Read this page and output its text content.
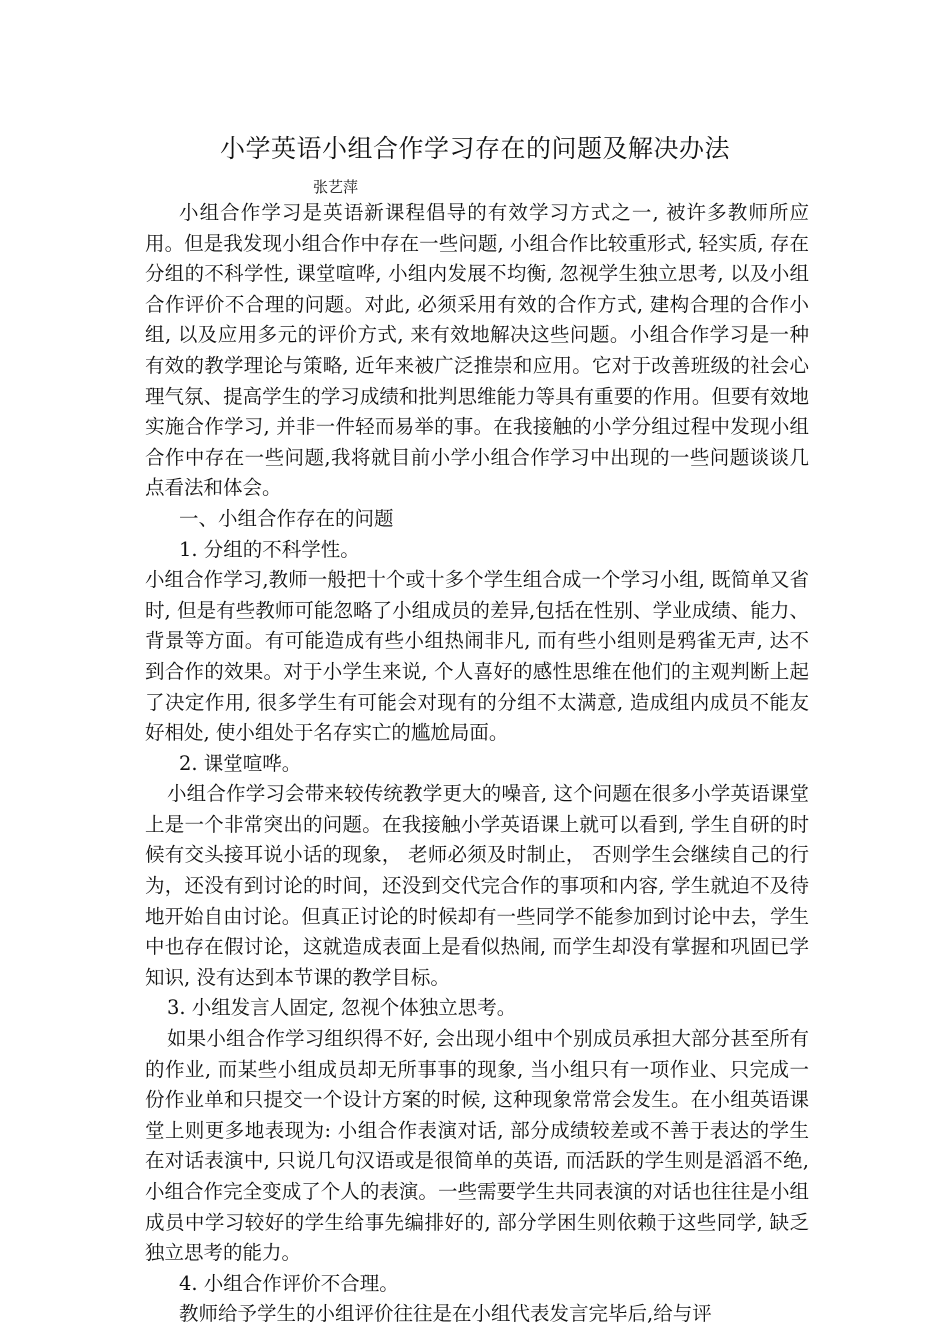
小学英语小组合作学习存在的问题及解决办法
张艺萍

小组合作学习是英语新课程倡导的有效学习方式之一, 被许多教师所应用。但是我发现小组合作中存在一些问题, 小组合作比较重形式, 轻实质, 存在分组的不科学性, 课堂喧哗, 小组内发展不均衡, 忽视学生独立思考, 以及小组合作评价不合理的问题。对此, 必须采用有效的合作方式, 建构合理的合作小组, 以及应用多元的评价方式, 来有效地解决这些问题。小组合作学习是一种有效的教学理论与策略, 近年来被广泛推崇和应用。它对于改善班级的社会心理气氛、提高学生的学习成绩和批判思维能力等具有重要的作用。但要有效地实施合作学习, 并非一件轻而易举的事。在我接触的小学分组过程中发现小组合作中存在一些问题,我将就目前小学小组合作学习中出现的一些问题谈谈几点看法和体会。

一、小组合作存在的问题

1. 分组的不科学性。

小组合作学习,教师一般把十个或十多个学生组合成一个学习小组, 既简单又省时, 但是有些教师可能忽略了小组成员的差异,包括在性别、学业成绩、能力、背景等方面。有可能造成有些小组热闹非凡, 而有些小组则是鸦雀无声, 达不到合作的效果。对于小学生来说, 个人喜好的感性思维在他们的主观判断上起了决定作用, 很多学生有可能会对现有的分组不太满意, 造成组内成员不能友好相处, 使小组处于名存实亡的尴尬局面。

2. 课堂喧哗。

小组合作学习会带来较传统教学更大的噪音, 这个问题在很多小学英语课堂上是一个非常突出的问题。在我接触小学英语课上就可以看到, 学生自研的时候有交头接耳说小话的现象， 老师必须及时制止， 否则学生会继续自己的行为，还没有到讨论的时间，还没到交代完合作的事项和内容, 学生就迫不及待地开始自由讨论。但真正讨论的时候却有一些同学不能参加到讨论中去，学生中也存在假讨论，这就造成表面上是看似热闹, 而学生却没有掌握和巩固已学知识, 没有达到本节课的教学目标。

3. 小组发言人固定, 忽视个体独立思考。

如果小组合作学习组织得不好, 会出现小组中个别成员承担大部分甚至所有的作业, 而某些小组成员却无所事事的现象, 当小组只有一项作业、只完成一份作业单和只提交一个设计方案的时候, 这种现象常常会发生。在小组英语课堂上则更多地表现为: 小组合作表演对话, 部分成绩较差或不善于表达的学生在对话表演中, 只说几句汉语或是很简单的英语, 而活跃的学生则是滔滔不绝, 小组合作完全变成了个人的表演。一些需要学生共同表演的对话也往往是小组成员中学习较好的学生给事先编排好的, 部分学困生则依赖于这些同学, 缺乏独立思考的能力。

4. 小组合作评价不合理。

教师给予学生的小组评价往往是在小组代表发言完毕后,给与评
